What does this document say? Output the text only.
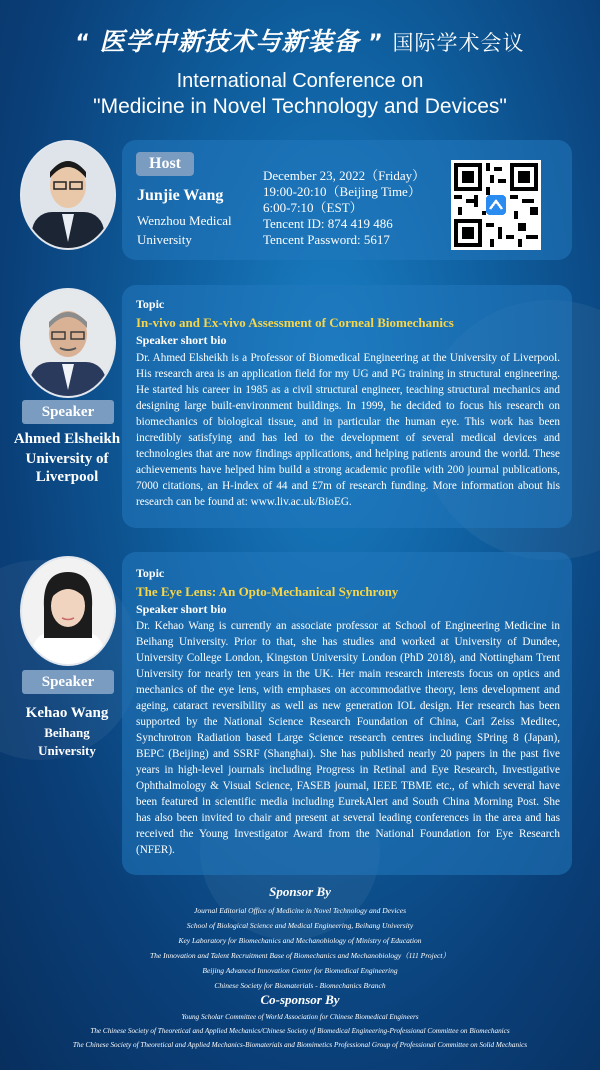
“ 医学中新技术与新装备 ” 国际学术会议
International Conference on
"Medicine in Novel Technology and Devices"
Host
Junjie Wang
Wenzhou Medical
University
December 23, 2022（Friday）
19:00-20:10（Beijing Time）
6:00-7:10（EST）
Tencent ID: 874 419 486
Tencent Password: 5617
Speaker
Ahmed Elsheikh
University of
Liverpool
Topic
In-vivo and Ex-vivo Assessment of Corneal Biomechanics
Speaker short bio
Dr. Ahmed Elsheikh is a Professor of Biomedical Engineering at the University of Liverpool. His research area is an application field for my UG and PG training in structural engineering. He started his career in 1985 as a civil structural engineer, teaching structural mechanics and designing large built-environment buildings. In 1999, he decided to focus his research on biomechanics of biological tissue, and in particular the human eye. This work has been incredibly satisfying and has led to the development of several medical devices and technologies that are now findings applications, and helping patients around the world. These achievements have helped him build a strong academic profile with 200 journal publications, 7000 citations, an H-index of 44 and £7m of research funding. More information about his research can be found at: www.liv.ac.uk/BioEG.
Speaker
Kehao Wang
Beihang
University
Topic
The Eye Lens: An Opto-Mechanical Synchrony
Speaker short bio
Dr. Kehao Wang is currently an associate professor at School of Engineering Medicine in Beihang University. Prior to that, she has studies and worked at University of Dundee, University College London, Kingston University London (PhD 2018), and Nottingham Trent University for nearly ten years in the UK. Her main research interests focus on optics and mechanics of the eye lens, with emphases on accommodative theory, lens development and ageing, cataract reversibility as well as new generation IOL design. Her research has been supported by the National Science Research Foundation of China, Carl Zeiss Meditec, Synchrotron Radiation based Large Science research centres including SPring 8 (Japan), BEPC (Beijing) and SSRF (Shanghai). She has published nearly 20 papers in the past five years in high-level journals including Progress in Retinal and Eye Research, Investigative Ophthalmology & Visual Science, FASEB journal, IEEE TBME etc., of which several have been featured in scientific media including EurekAlert and South China Morning Post. She has also been invited to chair and present at several leading conferences in the area and has received the Young Investigator Award from the National Foundation for Eye Research (NFER).
Sponsor By
Journal Editorial Office of Medicine in Novel Technology and Devices
School of Biological Science and Medical Engineering, Beihang University
Key Laboratory for Biomechanics and Mechanobiology of Ministry of Education
The Innovation and Talent Recruitment Base of Biomechanics and Mechanobiology（111 Project）
Beijing Advanced Innovation Center for Biomedical Engineering
Chinese Society for Biomaterials - Biomechanics Branch
Co-sponsor By
Young Scholar Committee of World Association for Chinese Biomedical Engineers
The Chinese Society of Theoretical and Applied Mechanics/Chinese Society of Biomedical Engineering-Professional Committee on Biomechanics
The Chinese Society of Theoretical and Applied Mechanics-Biomaterials and Biomimetics Professional Group of Professional Committee on Solid Mechanics
